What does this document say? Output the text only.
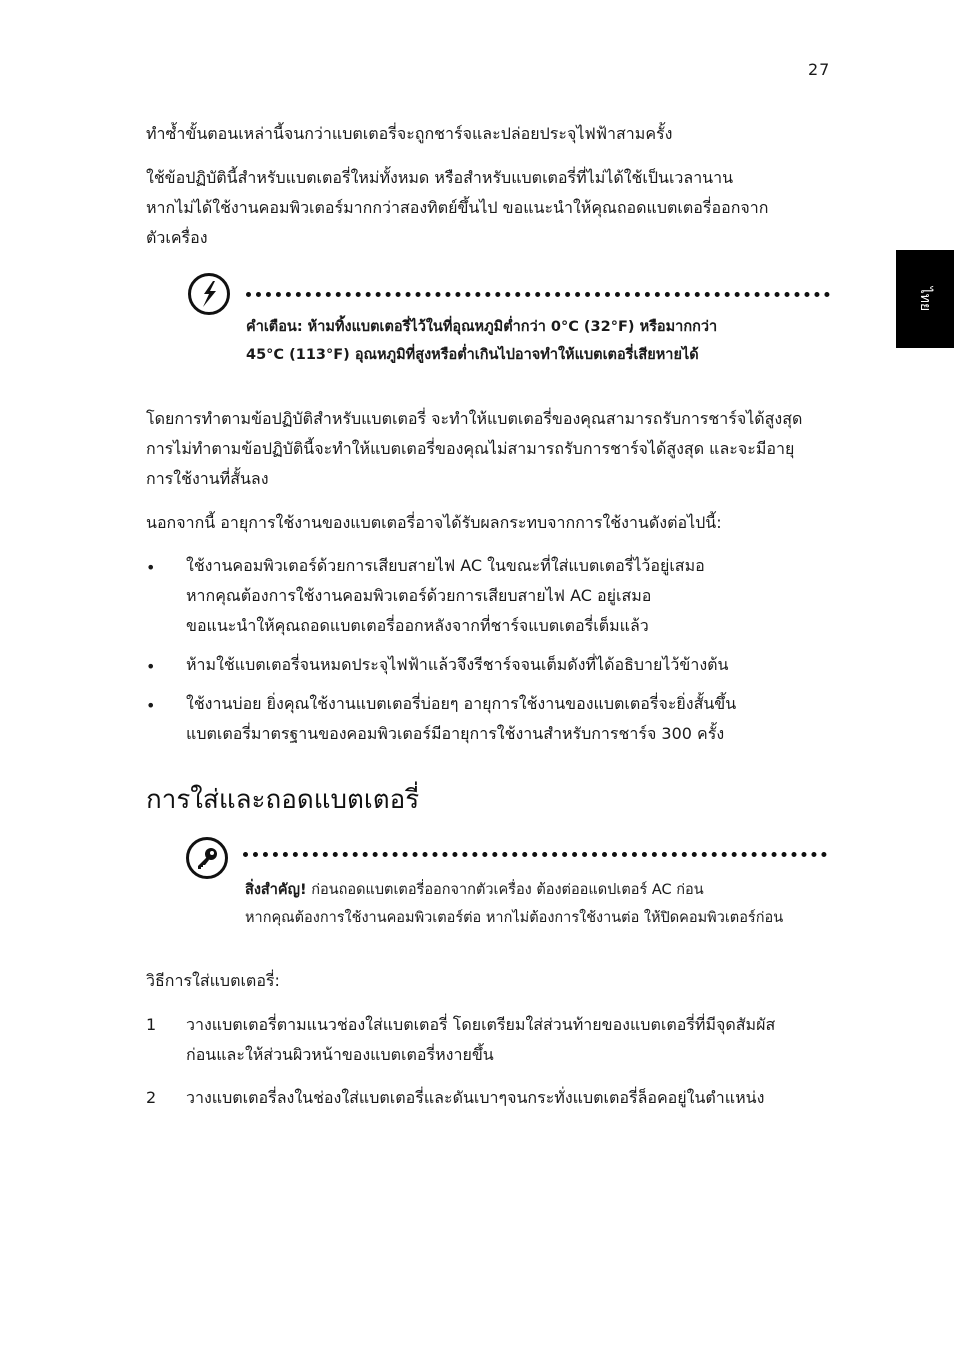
27
ไทย
ทำซ้ำขั้นตอนเหล่านี้จนกว่าแบตเตอรี่จะถูกชาร์จและปล่อยประจุไฟฟ้าสามครั้ง
ใช้ข้อปฏิบัตินี้สำหรับแบตเตอรี่ใหม่ทั้งหมด หรือสำหรับแบตเตอรี่ที่ไม่ได้ใช้เป็นเวลานาน
หากไม่ได้ใช้งานคอมพิวเตอร์มากกว่าสองทิตย์ขึ้นไป ขอแนะนำให้คุณถอดแบตเตอรี่ออกจาก
ตัวเครื่อง
คำเตือน: ห้ามทิ้งแบตเตอรี่ไว้ในที่อุณหภูมิต่ำกว่า 0°C (32°F) หรือมากกว่า
45°C (113°F) อุณหภูมิที่สูงหรือต่ำเกินไปอาจทำให้แบตเตอรี่เสียหายได้
โดยการทำตามข้อปฏิบัติสำหรับแบตเตอรี่ จะทำให้แบตเตอรี่ของคุณสามารถรับการชาร์จได้สูงสุด
การไม่ทำตามข้อปฏิบัตินี้จะทำให้แบตเตอรี่ของคุณไม่สามารถรับการชาร์จได้สูงสุด และจะมีอายุ
การใช้งานที่สั้นลง
นอกจากนี้ อายุการใช้งานของแบตเตอรี่อาจได้รับผลกระทบจากการใช้งานดังต่อไปนี้:
• ใช้งานคอมพิวเตอร์ด้วยการเสียบสายไฟ AC ในขณะที่ใส่แบตเตอรี่ไว้อยู่เสมอ
หากคุณต้องการใช้งานคอมพิวเตอร์ด้วยการเสียบสายไฟ AC อยู่เสมอ
ขอแนะนำให้คุณถอดแบตเตอรี่ออกหลังจากที่ชาร์จแบตเตอรี่เต็มแล้ว
• ห้ามใช้แบตเตอรี่จนหมดประจุไฟฟ้าแล้วจึงรีชาร์จจนเต็มดังที่ได้อธิบายไว้ข้างต้น
• ใช้งานบ่อย ยิ่งคุณใช้งานแบตเตอรี่บ่อยๆ อายุการใช้งานของแบตเตอรี่จะยิ่งสั้นขึ้น
แบตเตอรี่มาตรฐานของคอมพิวเตอร์มีอายุการใช้งานสำหรับการชาร์จ 300 ครั้ง
การใส่และถอดแบตเตอรี่
สิ่งสำคัญ! ก่อนถอดแบตเตอรี่ออกจากตัวเครื่อง ต้องต่ออแดปเตอร์ AC ก่อน
หากคุณต้องการใช้งานคอมพิวเตอร์ต่อ หากไม่ต้องการใช้งานต่อ ให้ปิดคอมพิวเตอร์ก่อน
วิธีการใส่แบตเตอรี่:
1 วางแบตเตอรี่ตามแนวช่องใส่แบตเตอรี่ โดยเตรียมใส่ส่วนท้ายของแบตเตอรี่ที่มีจุดสัมผัส
ก่อนและให้ส่วนผิวหน้าของแบตเตอรี่หงายขึ้น
2 วางแบตเตอรี่ลงในช่องใส่แบตเตอรี่และดันเบาๆจนกระทั่งแบตเตอรี่ล็อคอยู่ในตำแหน่ง
